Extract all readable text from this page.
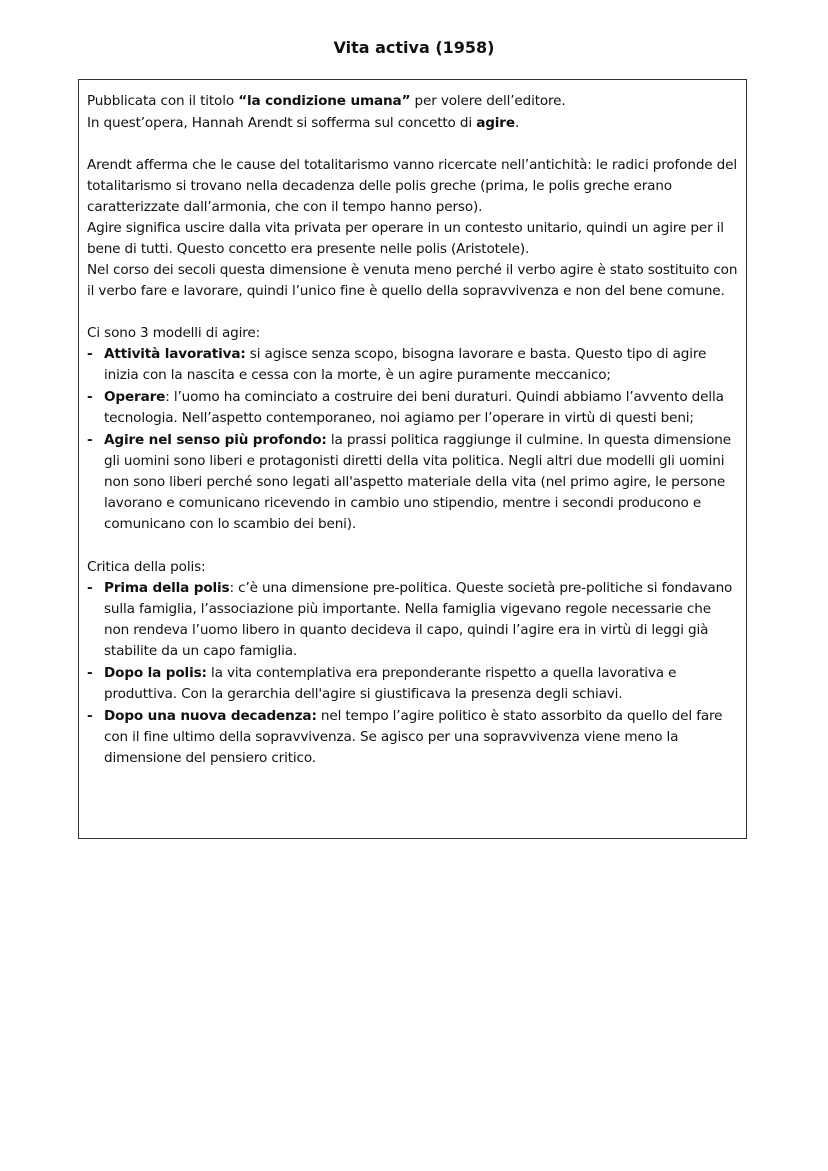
Vita activa (1958)

Pubblicata con il titolo “la condizione umana” per volere dell’editore.

In quest’opera, Hannah Arendt si sofferma sul concetto di agire.

Arendt afferma che le cause del totalitarismo vanno ricercate nell’antichità: le radici profonde del totalitarismo si trovano nella decadenza delle polis greche (prima, le polis greche erano caratterizzate dall’armonia, che con il tempo hanno perso).

Agire significa uscire dalla vita privata per operare in un contesto unitario, quindi un agire per il bene di tutti. Questo concetto era presente nelle polis (Aristotele).

Nel corso dei secoli questa dimensione è venuta meno perché il verbo agire è stato sostituito con il verbo fare e lavorare, quindi l’unico fine è quello della sopravvivenza e non del bene comune.

Ci sono 3 modelli di agire:

- Attività lavorativa: si agisce senza scopo, bisogna lavorare e basta. Questo tipo di agire inizia con la nascita e cessa con la morte, è un agire puramente meccanico;
- Operare: l’uomo ha cominciato a costruire dei beni duraturi. Quindi abbiamo l’avvento della tecnologia. Nell’aspetto contemporaneo, noi agiamo per l’operare in virtù di questi beni;
- Agire nel senso più profondo: la prassi politica raggiunge il culmine. In questa dimensione gli uomini sono liberi e protagonisti diretti della vita politica. Negli altri due modelli gli uomini non sono liberi perché sono legati all'aspetto materiale della vita (nel primo agire, le persone lavorano e comunicano ricevendo in cambio uno stipendio, mentre i secondi producono e comunicano con lo scambio dei beni).

Critica della polis:

- Prima della polis: c’è una dimensione pre-politica. Queste società pre-politiche si fondavano sulla famiglia, l’associazione più importante. Nella famiglia vigevano regole necessarie che non rendeva l’uomo libero in quanto decideva il capo, quindi l’agire era in virtù di leggi già stabilite da un capo famiglia.
- Dopo la polis: la vita contemplativa era preponderante rispetto a quella lavorativa e produttiva. Con la gerarchia dell'agire si giustificava la presenza degli schiavi.
- Dopo una nuova decadenza: nel tempo l’agire politico è stato assorbito da quello del fare con il fine ultimo della sopravvivenza. Se agisco per una sopravvivenza viene meno la dimensione del pensiero critico.
